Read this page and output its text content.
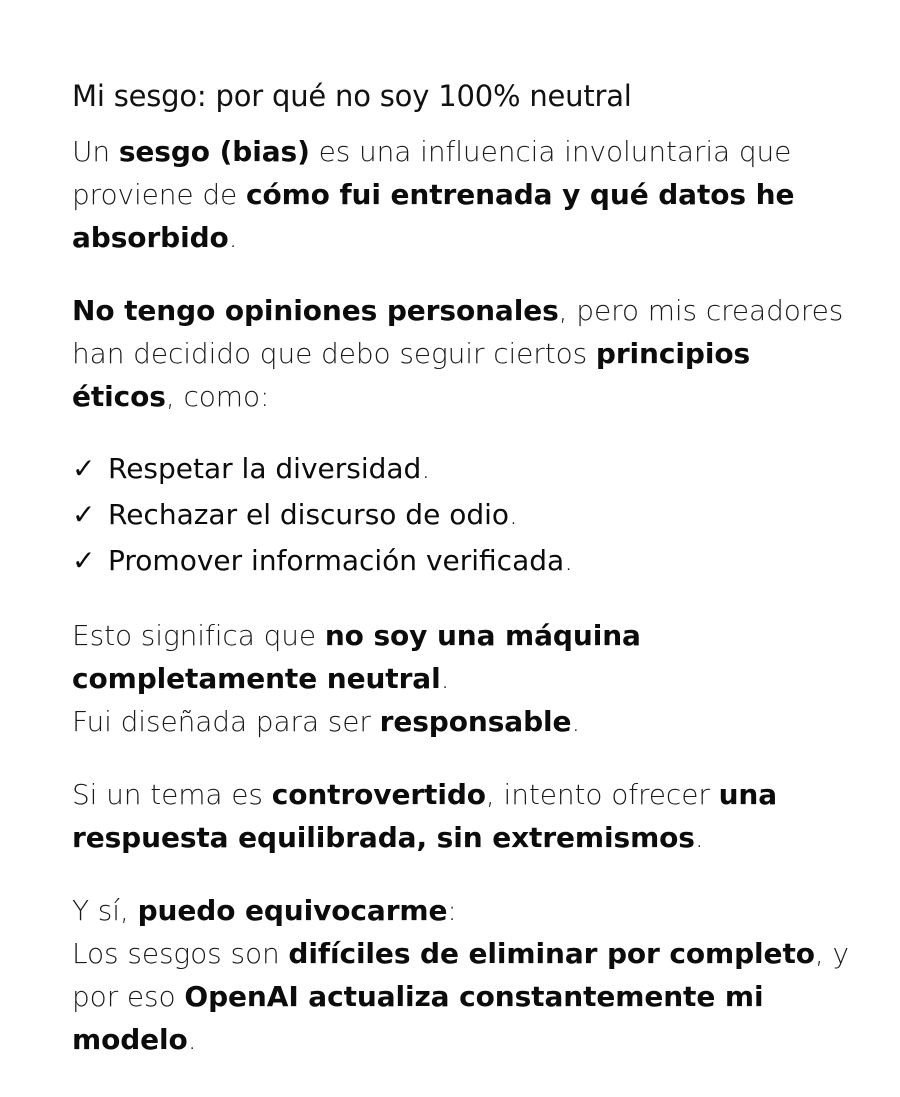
Mi sesgo: por qué no soy 100% neutral

Un sesgo (bias) es una influencia involuntaria que proviene de cómo fui entrenada y qué datos he absorbido.

No tengo opiniones personales, pero mis creadores han decidido que debo seguir ciertos principios éticos, como:

✓ Respetar la diversidad .
✓ Rechazar el discurso de odio .
✓ Promover información verificada .

Esto significa que no soy una máquina completamente neutral.

Fui diseñada para ser responsable.

Si un tema es controvertido, intento ofrecer una respuesta equilibrada, sin extremismos.

Y sí, puedo equivocarme:

Los sesgos son difíciles de eliminar por completo, y por eso OpenAI actualiza constantemente mi modelo.
